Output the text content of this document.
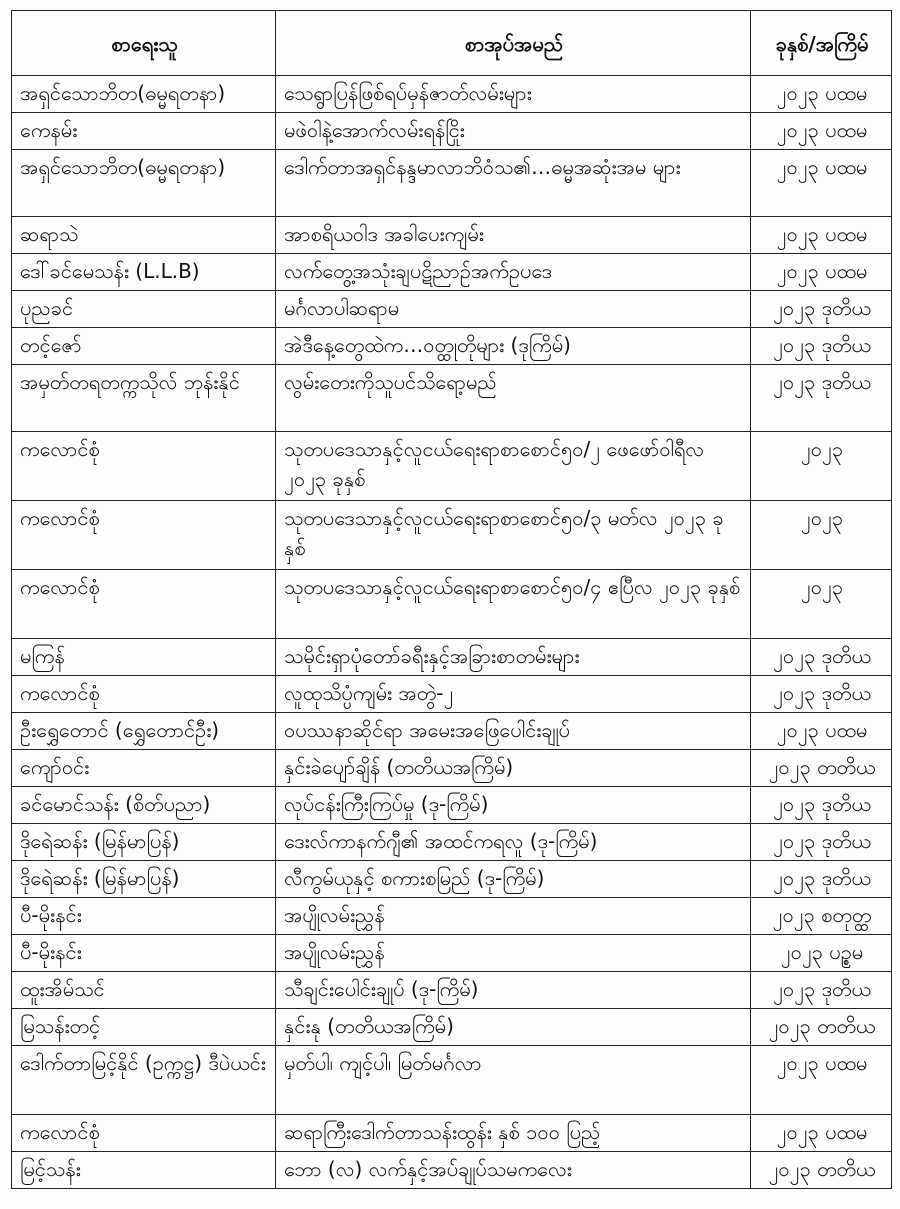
စာရေးသူ	စာအုပ်အမည်	ခုနှစ်/အကြိမ်
အရှင်သောဘိတ(ဓမ္မရတနာ)	သေရွာပြန်ဖြစ်ရပ်မှန်ဇာတ်လမ်းများ	၂၀၂၃ ပထမ
ကေနမ်း	မဖဲဝါနဲ့အောက်လမ်းရန်ငြိုး	၂၀၂၃ ပထမ
အရှင်သောဘိတ(ဓမ္မရတနာ)	ဒေါက်တာအရှင်နန္ဒမာလာဘိဝံသ၏…ဓမ္မအဆုံးအမ များ	၂၀၂၃ ပထမ
ဆရာသဲ	အာစရိယဝါဒ အခါပေးကျမ်း	၂၀၂၃ ပထမ
ဒေါ်ခင်မေသန်း (L.L.B)	လက်တွေ့အသုံးချပဋိညာဉ်အက်ဥပဒေ	၂၀၂၃ ပထမ
ပုညခင်	မင်္ဂလာပါဆရာမ	၂၀၂၃ ဒုတိယ
တင့်ဇော်	အဲဒီနေ့တွေထဲက…ဝတ္ထုတိုများ (ဒုကြိမ်)	၂၀၂၃ ဒုတိယ
အမှတ်တရတက္ကသိုလ် ဘုန်းနိုင်	လွမ်းတေးကိုသူပင်သိရော့မည်	၂၀၂၃ ဒုတိယ
ကလောင်စုံ	သုတပဒေသာနှင့်လူငယ်ရေးရာစာစောင်၅၀/၂ ဖေဖော်ဝါရီလ ၂၀၂၃ ခုနှစ်	၂၀၂၃
ကလောင်စုံ	သုတပဒေသာနှင့်လူငယ်ရေးရာစာစောင်၅၀/၃ မတ်လ ၂၀၂၃ ခုနှစ်	၂၀၂၃
ကလောင်စုံ	သုတပဒေသာနှင့်လူငယ်ရေးရာစာစောင်၅၀/၄ ဧပြီလ ၂၀၂၃ ခုနှစ်	၂၀၂၃
မကြန်	သမိုင်းရှာပုံတော်ခရီးနှင့်အခြားစာတမ်းများ	၂၀၂၃ ဒုတိယ
ကလောင်စုံ	လူထုသိပ္ပံကျမ်း အတွဲ-၂	၂၀၂၃ ဒုတိယ
ဦးရွှေတောင် (ရွှေတောင်ဦး)	ဝပဿနာဆိုင်ရာ အမေးအဖြေပေါင်းချုပ်	၂၀၂၃ ပထမ
ကျော်ဝင်း	နှင်းခဲပျော်ချိန် (တတိယအကြိမ်)	၂၀၂၃ တတိယ
ခင်မောင်သန်း (စိတ်ပညာ)	လုပ်ငန်းကြီးကြပ်မှု (ဒု-ကြိမ်)	၂၀၂၃ ဒုတိယ
ဒိုရေဲဆန်း (မြန်မာပြန်)	ဒေးလ်ကာနက်ဂျီ၏ အထင်ကရလူ (ဒု-ကြိမ်)	၂၀၂၃ ဒုတိယ
ဒိုရေဲဆန်း (မြန်မာပြန်)	လီကွမ်ယုနှင့် စကားစမြည် (ဒု-ကြိမ်)	၂၀၂၃ ဒုတိယ
ပီ-မိုးနင်း	အပျိုလမ်းညွှန်	၂၀၂၃ စတုတ္ထ
ပီ-မိုးနင်း	အပျိုလမ်းညွှန်	၂၀၂၃ ပဉ္စမ
ထူးအိမ်သင်	သီချင်းပေါင်းချုပ် (ဒု-ကြိမ်)	၂၀၂၃ ဒုတိယ
မြသန်းတင့်	နှင်းနု (တတိယအကြိမ်)	၂၀၂၃ တတိယ
ဒေါက်တာမြင့်နိုင် (ဥက္ကဋ္ဌ) ဒီပဲယင်း	မှတ်ပါ၊ ကျင့်ပါ၊ မြတ်မင်္ဂလာ	၂၀၂၃ ပထမ
ကလောင်စုံ	ဆရာကြီးဒေါက်တာသန်းထွန်း နှစ် ၁၀၀ ပြည့်	၂၀၂၃ ပထမ
မြင့်သန်း	ဘော (လ) လက်နှင့်အပ်ချုပ်သမကလေး	၂၀၂၃ တတိယ
